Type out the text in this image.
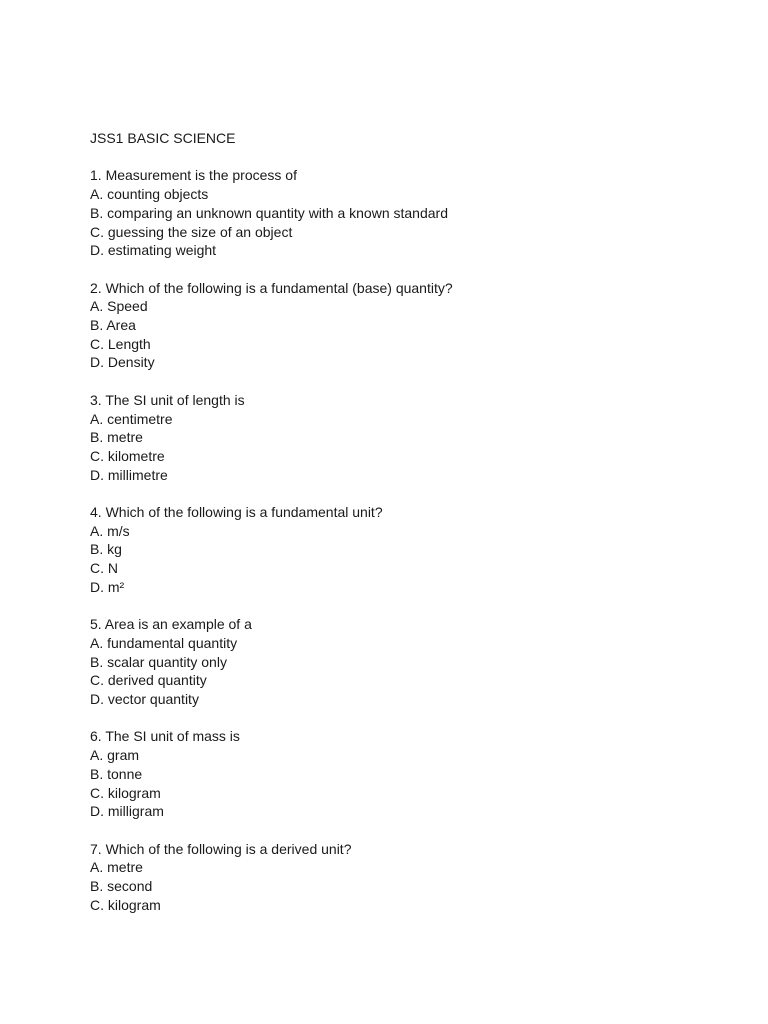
JSS1 BASIC SCIENCE
1. Measurement is the process of
A. counting objects
B. comparing an unknown quantity with a known standard
C. guessing the size of an object
D. estimating weight
2. Which of the following is a fundamental (base) quantity?
A. Speed
B. Area
C. Length
D. Density
3. The SI unit of length is
A. centimetre
B. metre
C. kilometre
D. millimetre
4. Which of the following is a fundamental unit?
A. m/s
B. kg
C. N
D. m²
5. Area is an example of a
A. fundamental quantity
B. scalar quantity only
C. derived quantity
D. vector quantity
6. The SI unit of mass is
A. gram
B. tonne
C. kilogram
D. milligram
7. Which of the following is a derived unit?
A. metre
B. second
C. kilogram
